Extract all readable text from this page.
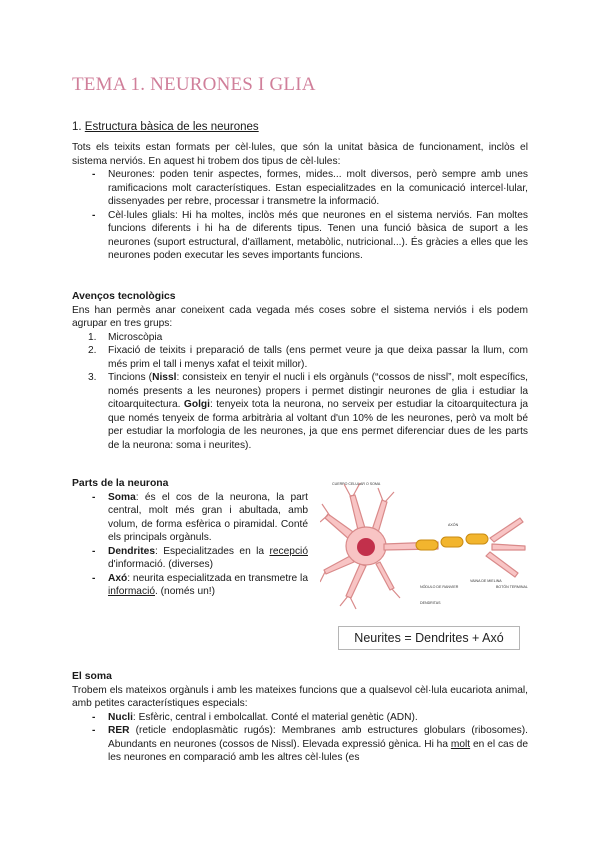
TEMA 1. NEURONES I GLIA
1. Estructura bàsica de les neurones

Tots els teixits estan formats per cèl·lules, que són la unitat bàsica de funcionament, inclòs el sistema nerviós. En aquest hi trobem dos tipus de cèl·lules:

- Neurones: poden tenir aspectes, formes, mides... molt diversos, però sempre amb unes ramificacions molt característiques. Estan especialitzades en la comunicació intercel·lular, dissenyades per rebre, processar i transmetre la informació.
- Cèl·lules glials: Hi ha moltes, inclòs més que neurones en el sistema nerviós. Fan moltes funcions diferents i hi ha de diferents tipus. Tenen una funció bàsica de suport a les neurones (suport estructural, d'aïllament, metabòlic, nutricional...). És gràcies a elles que les neurones poden executar les seves importants funcions.

Avenços tecnològics

Ens han permès anar coneixent cada vegada més coses sobre el sistema nerviós i els podem agrupar en tres grups:

1. Microscòpia
2. Fixació de teixits i preparació de talls (ens permet veure ja que deixa passar la llum, com més prim el tall i menys xafat el teixit millor).
3. Tincions (Nissl: consisteix en tenyir el nucli i els orgànuls (“cossos de nissl”, molt específics, només presents a les neurones) propers i permet distingir neurones de glia i estudiar la citoarquitectura. Golgi: tenyeix tota la neurona, no serveix per estudiar la citoarquitectura ja que només tenyeix de forma arbitrària al voltant d'un 10% de les neurones, però va molt bé per estudiar la morfologia de les neurones, ja que ens permet diferenciar dues de les parts de la neurona: soma i neurites).

Parts de la neurona

- Soma: és el cos de la neurona, la part central, molt més gran i abultada, amb volum, de forma esfèrica o piramidal. Conté els principals orgànuls.
- Dendrites: Especialitzades en la recepció d'informació. (diverses)
- Axó: neurita especialitzada en transmetre la informació. (només un!)
CUERPO CELULAR O SOMA
AXÓN
NÓDULO DE RANVIER
VAINA DE MIELINA
DENDRITAS
BOTÓN TERMINAL
Neurites = Dendrites + Axó

El soma

Trobem els mateixos orgànuls i amb les mateixes funcions que a qualsevol cèl·lula eucariota animal, amb petites característiques especials:

- Nucli: Esfèric, central i embolcallat. Conté el material genètic (ADN).
- RER (reticle endoplasmàtic rugós): Membranes amb estructures globulars (ribosomes). Abundants en neurones (cossos de Nissl). Elevada expressió gènica. Hi ha molt en el cas de les neurones en comparació amb les altres cèl·lules (es
